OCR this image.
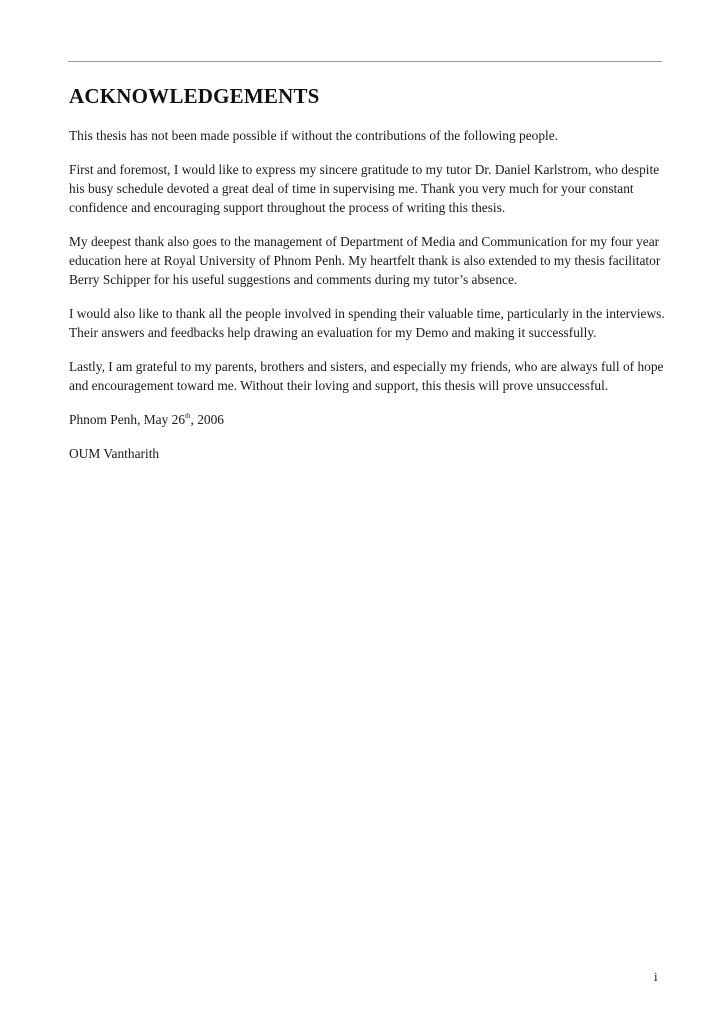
ACKNOWLEDGEMENTS

This thesis has not been made possible if without the contributions of the following people.

First and foremost, I would like to express my sincere gratitude to my tutor Dr. Daniel Karlstrom, who despite his busy schedule devoted a great deal of time in supervising me. Thank you very much for your constant confidence and encouraging support throughout the process of writing this thesis.

My deepest thank also goes to the management of Department of Media and Communication for my four year education here at Royal University of Phnom Penh. My heartfelt thank is also extended to my thesis facilitator Berry Schipper for his useful suggestions and comments during my tutor’s absence.

I would also like to thank all the people involved in spending their valuable time, particularly in the interviews. Their answers and feedbacks help drawing an evaluation for my Demo and making it successfully.

Lastly, I am grateful to my parents, brothers and sisters, and especially my friends, who are always full of hope and encouragement toward me. Without their loving and support, this thesis will prove unsuccessful.

Phnom Penh, May 26th, 2006

OUM Vantharith

i
